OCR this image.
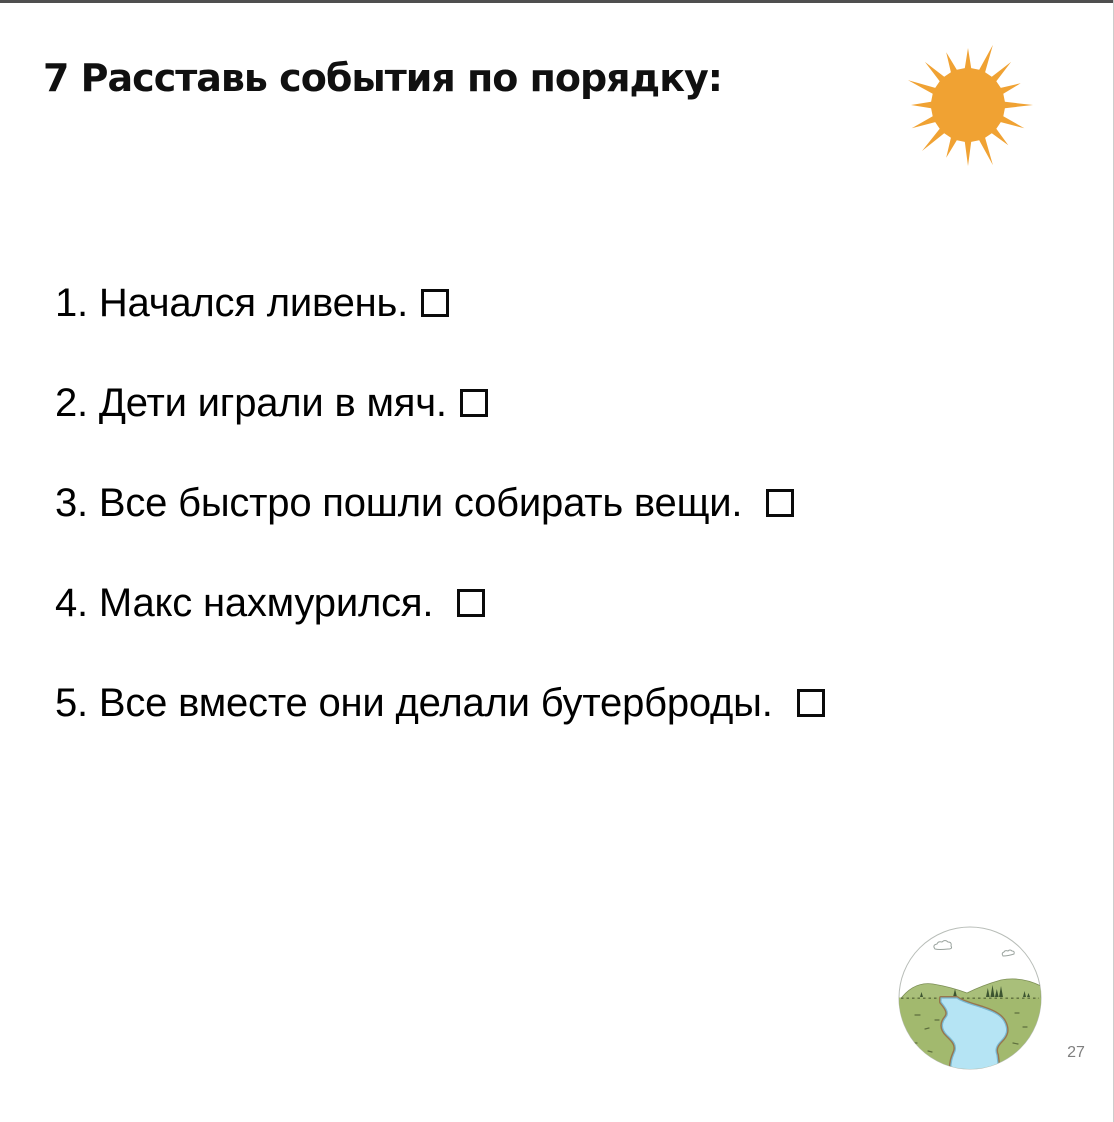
7 Расставь события по порядку:
1. Начался ливень.
2. Дети играли в мяч.
3. Все быстро пошли собирать вещи.
4. Макс нахмурился.
5. Все вместе они делали бутерброды.
27
